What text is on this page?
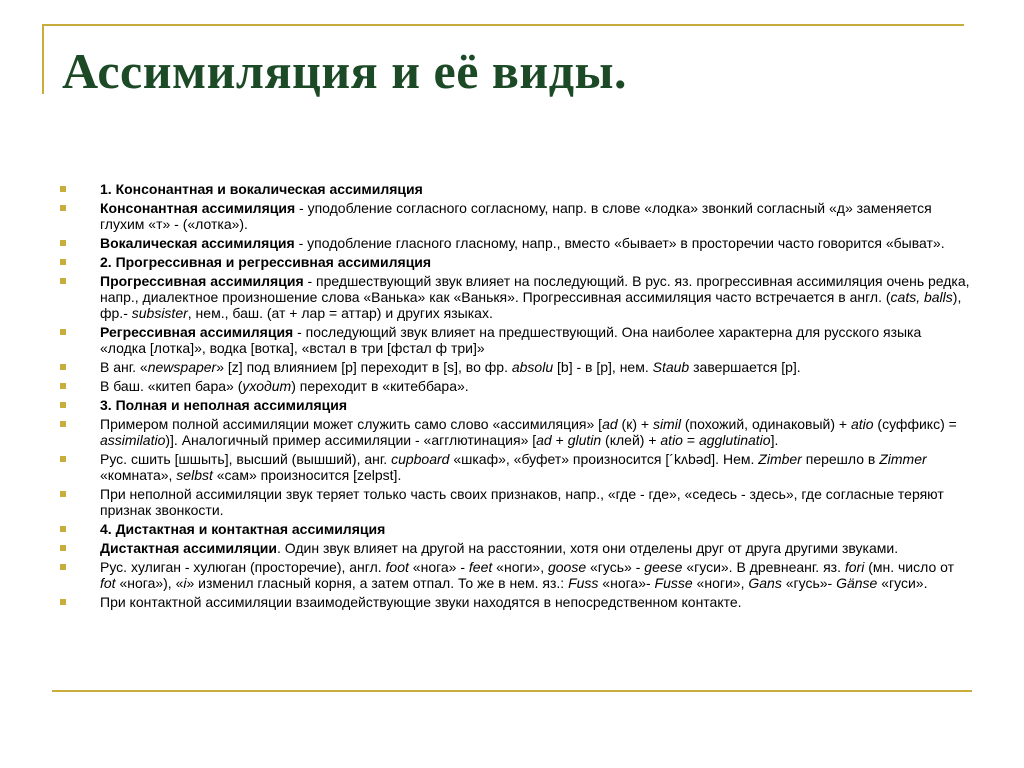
Ассимиляция и её виды.
1. Консонантная и вокалическая ассимиляция
Консонантная ассимиляция - уподобление согласного согласному, напр. в слове «лодка» звонкий согласный «д» заменяется глухим «т» - («лотка»).
Вокалическая ассимиляция - уподобление гласного гласному, напр., вместо «бывает» в просторечии часто говорится «быват».
2. Прогрессивная и регрессивная ассимиляция
Прогрессивная ассимиляция - предшествующий звук влияет на последующий. В рус. яз. прогрессивная ассимиляция очень редка, напр., диалектное произношение слова «Ванька» как «Ванькя». Прогрессивная ассимиляция часто встречается в англ. (cats, balls), фр.- subsister, нем., баш. (ат + лар = аттар) и других языках.
Регрессивная ассимиляция - последующий звук влияет на предшествующий. Она наиболее характерна для русского языка «лодка [лотка]», водка [вотка], «встал в три [фстал ф три]»
В анг. «newspaper» [z] под влиянием [p] переходит в [s], во фр. absolu [b] - в [p], нем. Staub завершается [p].
В баш. «китеп бара» (уходит) переходит в «китеббара».
3. Полная и неполная ассимиляция
Примером полной ассимиляции может служить само слово «ассимиляция» [ad (к) + simil (похожий, одинаковый) + atio (суффикс) = assimilatio)]. Аналогичный пример ассимиляции - «агглютинация» [ad + glutin (клей) + atio = agglutinatio].
Рус. сшить [шшыть], высший (вышший), анг. cupboard «шкаф», «буфет» произносится [´kʌbəd]. Нем. Zimber перешло в Zimmer «комната», selbst «сам» произносится [zelpst].
При неполной ассимиляции звук теряет только часть своих признаков, напр., «где - где», «седесь - здесь», где согласные теряют признак звонкости.
4. Дистактная и контактная ассимиляция
Дистактная ассимиляции. Один звук влияет на другой на расстоянии, хотя они отделены друг от друга другими звуками.
Рус. хулиган - хулюган (просторечие), англ. foot «нога» - feet «ноги», goose «гусь» - geese «гуси». В древнеанг. яз. fori (мн. число от fot «нога»), «i» изменил гласный корня, а затем отпал. То же в нем. яз.: Fuss «нога»- Fusse «ноги», Gans «гусь»- Gänse «гуси».
При контактной ассимиляции взаимодействующие звуки находятся в непосредственном контакте.
